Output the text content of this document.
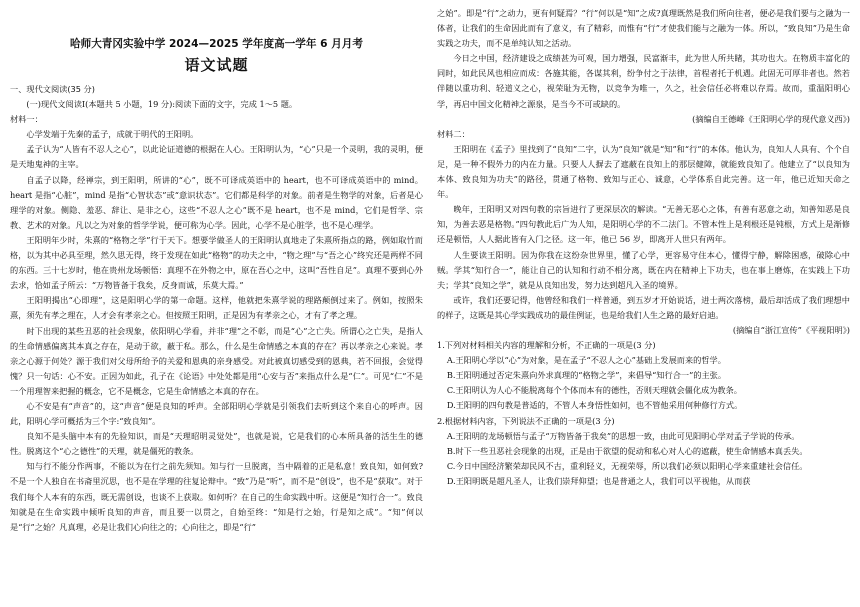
哈师大青冈实验中学 2024—2025 学年度高一学年 6 月月考
语文试题

一、现代文阅读(35 分)

(一)现代文阅读Ⅰ(本题共 5 小题，19 分):阅读下面的文字，完成 1～5 题。

材料一：

心学发端于先秦的孟子，成就于明代的王阳明。

孟子认为“人皆有不忍人之心”，以此论证道德的根据在人心。王阳明认为，“心”只是一个灵明，我的灵明，便是天地鬼神的主宰。

自孟子以降，经禅宗，到王阳明，所讲的“心”，既不可译成英语中的 heart，也不可译成英语中的 mind。heart 是指“心脏”，mind 是指“心智状态”或“意识状态”。它们都是科学的对象。前者是生物学的对象，后者是心理学的对象。侧隐、羞恶、辞让、是非之心，这些“不忍人之心”既不是 heart，也不是 mind，它们是哲学、宗教、艺术的对象。凡以之为对象的哲学学说，便可称为心学。因此，心学不是心脏学，也不是心理学。

王阳明年少时，朱熹的“格物之学”行于天下。想要学做圣人的王阳明认真地走了朱熹所指点的路，例如取竹而格，以为其中必具至理，然久思无得，终于发现在如此“格物”的功夫之中，“物之理”与“吾之心”终究还是两样不同的东西。三十七岁时，他在贵州龙场顿悟：真理不在外物之中，原在吾心之中，这叫“吾性自足”。真理不要到心外去求，恰如孟子所云：“万物皆备于我矣，反身而诚，乐莫大焉。”

王阳明揭出“心即理”，这是阳明心学的第一命题。这样，他就把朱熹学说的理路颠倒过来了。例如，按照朱熹，须先有孝之理在，人才会有孝亲之心。但按照王阳明，正是因为有孝亲之心，才有了孝之理。

时下出现的某些丑恶的社会现象，依阳明心学看，并非“理”之不彰，而是“心”之亡失。所谓心之亡失，是指人的生命情感偏离其本真之存在，是动于欲，蔽于私。那么，什么是生命情感之本真的存在？再以孝亲之心来说。孝亲之心源于何处？源于我们对父母所给予的关爱和恩典的亲身感受。对此被真切感受到的恩典，若不回报，会觉得愧？只一句话：心不安。正因为如此，孔子在《论语》中处处都是用“心安与否”来指点什么是“仁”。可见“仁”不是一个用理智来把握的概念，它不是概念，它是生命情感之本真的存在。

心不安是有“声音”的，这“声音”便是良知的呼声。全部阳明心学就是引领我们去听到这个来自心的呼声。因此，阳明心学可概括为三个字:“致良知”。

良知不是头脑中本有的先验知识，而是“天理昭明灵觉处”，也就是说，它是我们的心本所具备的活生生的德性。脱离这个“心之德性”的天理，就是僵死的教条。

知与行不能分作两事，不能以为在行之前先须知。知与行一旦脱离，当中隔着的正是私意！致良知，如何致?不是一个人独自在书斋里沉思，也不是在学理的往复论辩中。“致”乃是“听”，而不是“创设”，也不是“获取”。对于我们每个人本有的东西，既无需创设，也谈不上获取。如何听？在自己的生命实践中听。这便是“知行合一”。致良知就是在生命实践中倾听良知的声音，而且要一以贯之，自始至终：“知是行之始，行是知之成”。“知”何以是“行”之始？凡真理，必是让我们心向往之的；心向往之，即是“行”

之始”。即是“行”之动力，更有何疑焉？“行”何以是“知”之成?真理既然是我们所向往者，便必是我们要与之融为一体者，让我们的生命因此而有了意义，有了精彩，而惟有“行”才使我们能与之融为一体。所以，“致良知”乃是生命实践之功夫，而不是单纯认知之活动。

今日之中国，经济建设之成绩甚为可观，国力增强，民富渐丰，此为世人所共睹，其功也大。在物质丰富化的同时，如此民风也相应而成：各施其能，各谋其利，纷争付之于法律，首程者托于机遇。此固无可厚非者也。然若伴随以重功利、轻道义之心，视荣耻为无物，以竞争为唯一，久之，社会信任必将难以存焉。故而，重温阳明心学，再启中国文化精神之源泉，是当今不可或缺的。

(摘编自王德峰《王阳明心学的现代意义西》)

材料二：

王阳明在《孟子》里找到了“良知”二字，认为“良知”就是“知”和“行”的本体。他认为，良知人人具有、个个自足，是一种不假外力的内在力量。只要人人摒去了遮蔽在良知上的那层健障，就能致良知了。他建立了“以良知为本体、致良知为功夫”的路径，贯通了格物、致知与正心、诚意，心学体系自此完善。这一年，他已近知天命之年。

晚年，王阳明又对四句教的宗旨进行了更深层次的解读。“无善无恶心之体，有善有恶意之动，知善知恶是良知，为善去恶是格物。”四句教此后广为人知，是阳明心学的不二法门。不管本性上是利根还是钝根，方式上是渐修还是顿悟，人人据此皆有入门之径。这一年，他已 56 岁，即离开人世只有两年。

人生要读王阳明。因为你我在这纷杂世界里，懂了心学，更容易守住本心，懂得宁静，解除困惑，破除心中贼。学其“知行合一”，能让自己的认知和行动不相分离，既在内在精神上下功夫，也在事上磨炼，在实践上下功夫；学其“良知之学”，就是从良知出发，努力达到超凡入圣的境界。

或许，我们还要记得，他曾经和我们一样普通，到五岁才开始说话，进士两次落榜，最后却活成了我们理想中的样子，这既是其心学实践成功的最佳例证，也是给我们人生之路的最好启迪。

(摘编自“浙江宣传”《平视阳明》)

1.下列对材料相关内容的理解和分析，不正确的一项是(3 分)

A.王阳明心学以“心”为对象，是在孟子“不忍人之心”基础上发展而来的哲学。

B.王阳明通过否定朱熹向外求真理的“格物之学”，来倡导“知行合一”的主张。

C.王阳明认为人心不能脱离每个个体而本有的德性，否则天理就会僵化成为教条。

D.王阳明的四句教是普适的，不管人本身悟性如何，也不管他采用何种修行方式。

2.根据材料内容，下列说法不正确的一项是(3 分)

A.王阳明的龙场顿悟与孟子“万物皆备于我矣”的思想一致，由此可见阳明心学对孟子学说的传承。

B.时下一些丑恶社会现象的出现，正是由于欲望的促动和私心对人心的遮蔽，使生命情感本真丢失。

C.今日中国经济繁荣却民风不古，重利轻义，无视荣辱，所以我们必须以阳明心学来重建社会信任。

D.王阳明既是超凡圣人，让我们崇拜仰望；也是普通之人，我们可以平视他，从而获
